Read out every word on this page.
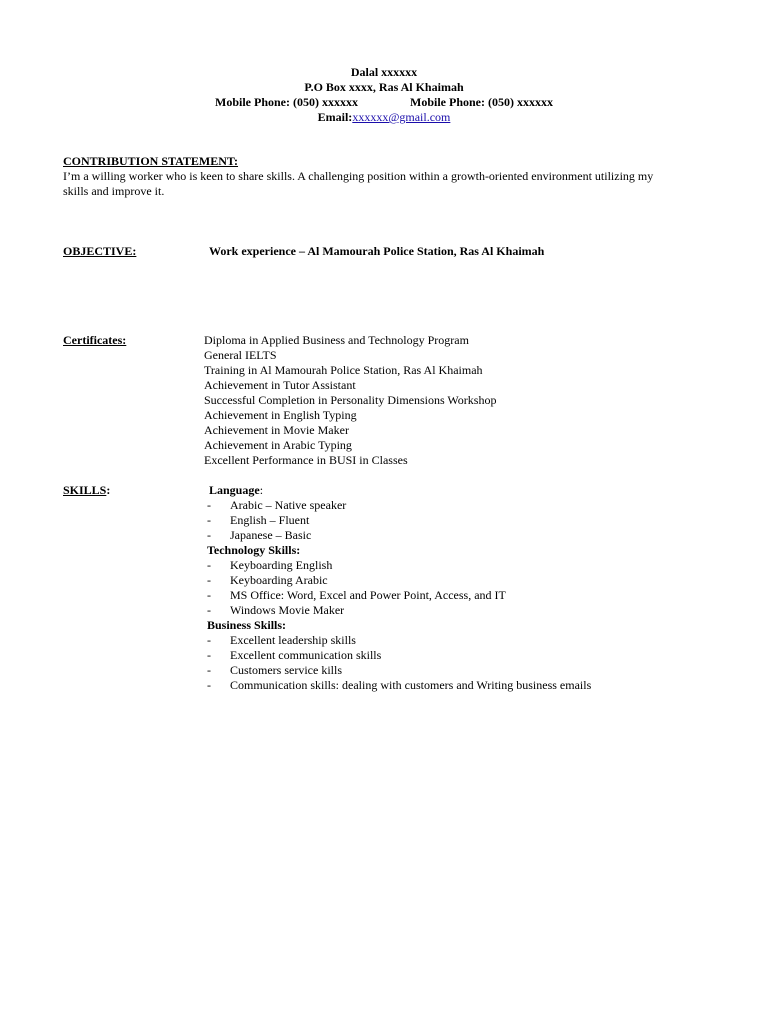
Dalal xxxxxx
P.O Box xxxx, Ras Al Khaimah
Mobile Phone: (050) xxxxxx	Mobile Phone: (050) xxxxxx
Email:xxxxxx@gmail.com
CONTRIBUTION STATEMENT:
I’m a willing worker who is keen to share skills. A challenging position within a growth-oriented environment utilizing my
skills and improve it.
OBJECTIVE:	Work experience – Al Mamourah Police Station, Ras Al Khaimah
Certificates:	Diploma in Applied Business and Technology Program
General IELTS
Training in Al Mamourah Police Station, Ras Al Khaimah
Achievement in Tutor Assistant
Successful Completion in Personality Dimensions Workshop
Achievement in English Typing
Achievement in Movie Maker
Achievement in Arabic Typing
Excellent Performance in BUSI in Classes
SKILLS:	Language:
- Arabic – Native speaker
- English – Fluent
- Japanese – Basic
Technology Skills:
- Keyboarding English
- Keyboarding Arabic
- MS Office: Word, Excel and Power Point, Access, and IT
- Windows Movie Maker
Business Skills:
- Excellent leadership skills
- Excellent communication skills
- Customers service kills
- Communication skills: dealing with customers and Writing business emails
